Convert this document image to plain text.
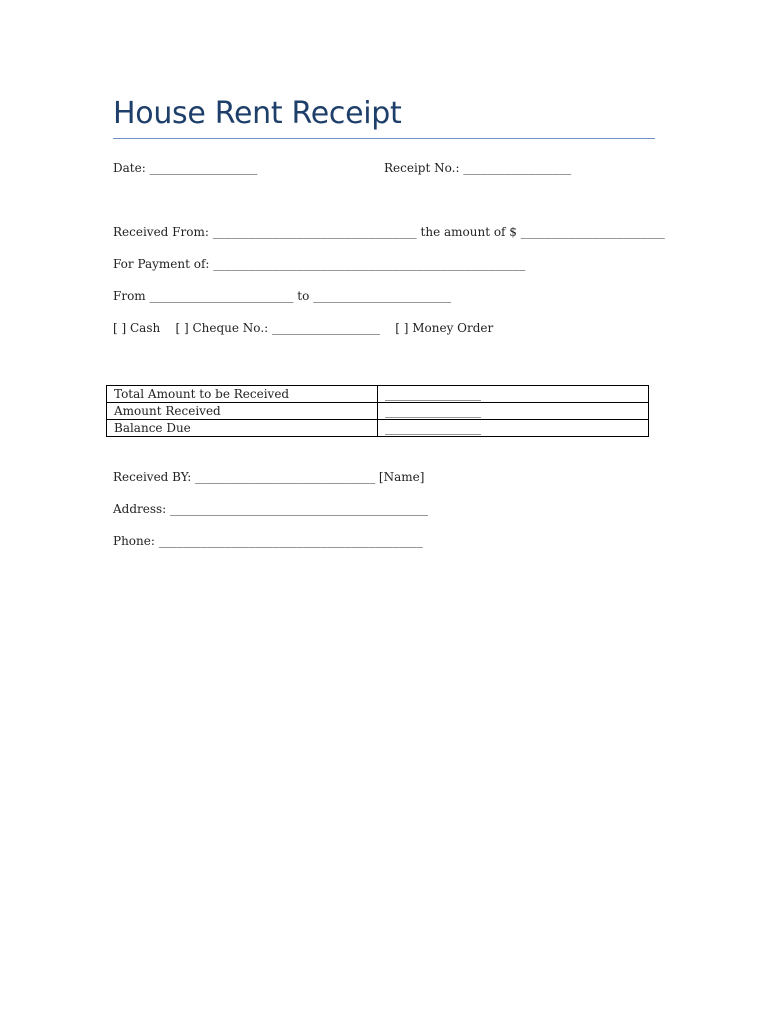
House Rent Receipt
Date: __________________	Receipt No.: __________________
Received From: __________________________________ the amount of $ ________________________
For Payment of: ____________________________________________________
From ________________________ to _______________________
[ ] Cash    [ ] Cheque No.: __________________    [ ] Money Order
Total Amount to be Received	________________
Amount Received	________________
Balance Due	________________
Received BY: ______________________________ [Name]
Address: ___________________________________________
Phone: ____________________________________________
